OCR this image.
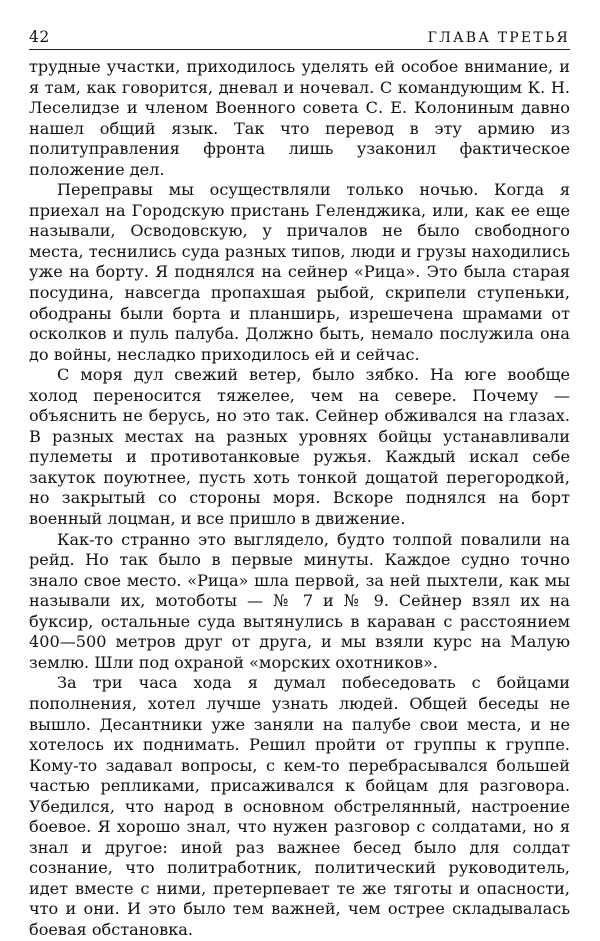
42	ГЛАВА ТРЕТЬЯ

трудные участки, приходилось уделять ей особое внимание, и я там, как говорится, дневал и ночевал. С командующим К. Н. Леселидзе и членом Военного совета С. Е. Колониным давно нашел общий язык. Так что перевод в эту армию из политуправления фронта лишь узаконил фактическое положение дел.

Переправы мы осуществляли только ночью. Когда я приехал на Городскую пристань Геленджика, или, как ее еще называли, Осводовскую, у причалов не было свободного места, теснились суда разных типов, люди и грузы находились уже на борту. Я поднялся на сейнер «Рица». Это была старая посудина, навсегда пропахшая рыбой, скрипели ступеньки, ободраны были борта и планширь, изрешечена шрамами от осколков и пуль палуба. Должно быть, немало послужила она до войны, несладко приходилось ей и сейчас.

С моря дул свежий ветер, было зябко. На юге вообще холод переносится тяжелее, чем на севере. Почему — объяснить не берусь, но это так. Сейнер обживался на глазах. В разных местах на разных уровнях бойцы устанавливали пулеметы и противотанковые ружья. Каждый искал себе закуток поуютнее, пусть хоть тонкой дощатой перегородкой, но закрытый со стороны моря. Вскоре поднялся на борт военный лоцман, и все пришло в движение.

Как-то странно это выглядело, будто толпой повалили на рейд. Но так было в первые минуты. Каждое судно точно знало свое место. «Рица» шла первой, за ней пыхтели, как мы называли их, мотоботы — № 7 и № 9. Сейнер взял их на буксир, остальные суда вытянулись в караван с расстоянием 400—500 метров друг от друга, и мы взяли курс на Малую землю. Шли под охраной «морских охотников».

За три часа хода я думал побеседовать с бойцами пополнения, хотел лучше узнать людей. Общей беседы не вышло. Десантники уже заняли на палубе свои места, и не хотелось их поднимать. Решил пройти от группы к группе. Кому-то задавал вопросы, с кем-то перебрасывался большей частью репликами, присаживался к бойцам для разговора. Убедился, что народ в основном обстрелянный, настроение боевое. Я хорошо знал, что нужен разговор с солдатами, но я знал и другое: иной раз важнее бесед было для солдат сознание, что политработник, политический руководитель, идет вместе с ними, претерпевает те же тяготы и опасности, что и они. И это было тем важней, чем острее складывалась боевая обстановка.
